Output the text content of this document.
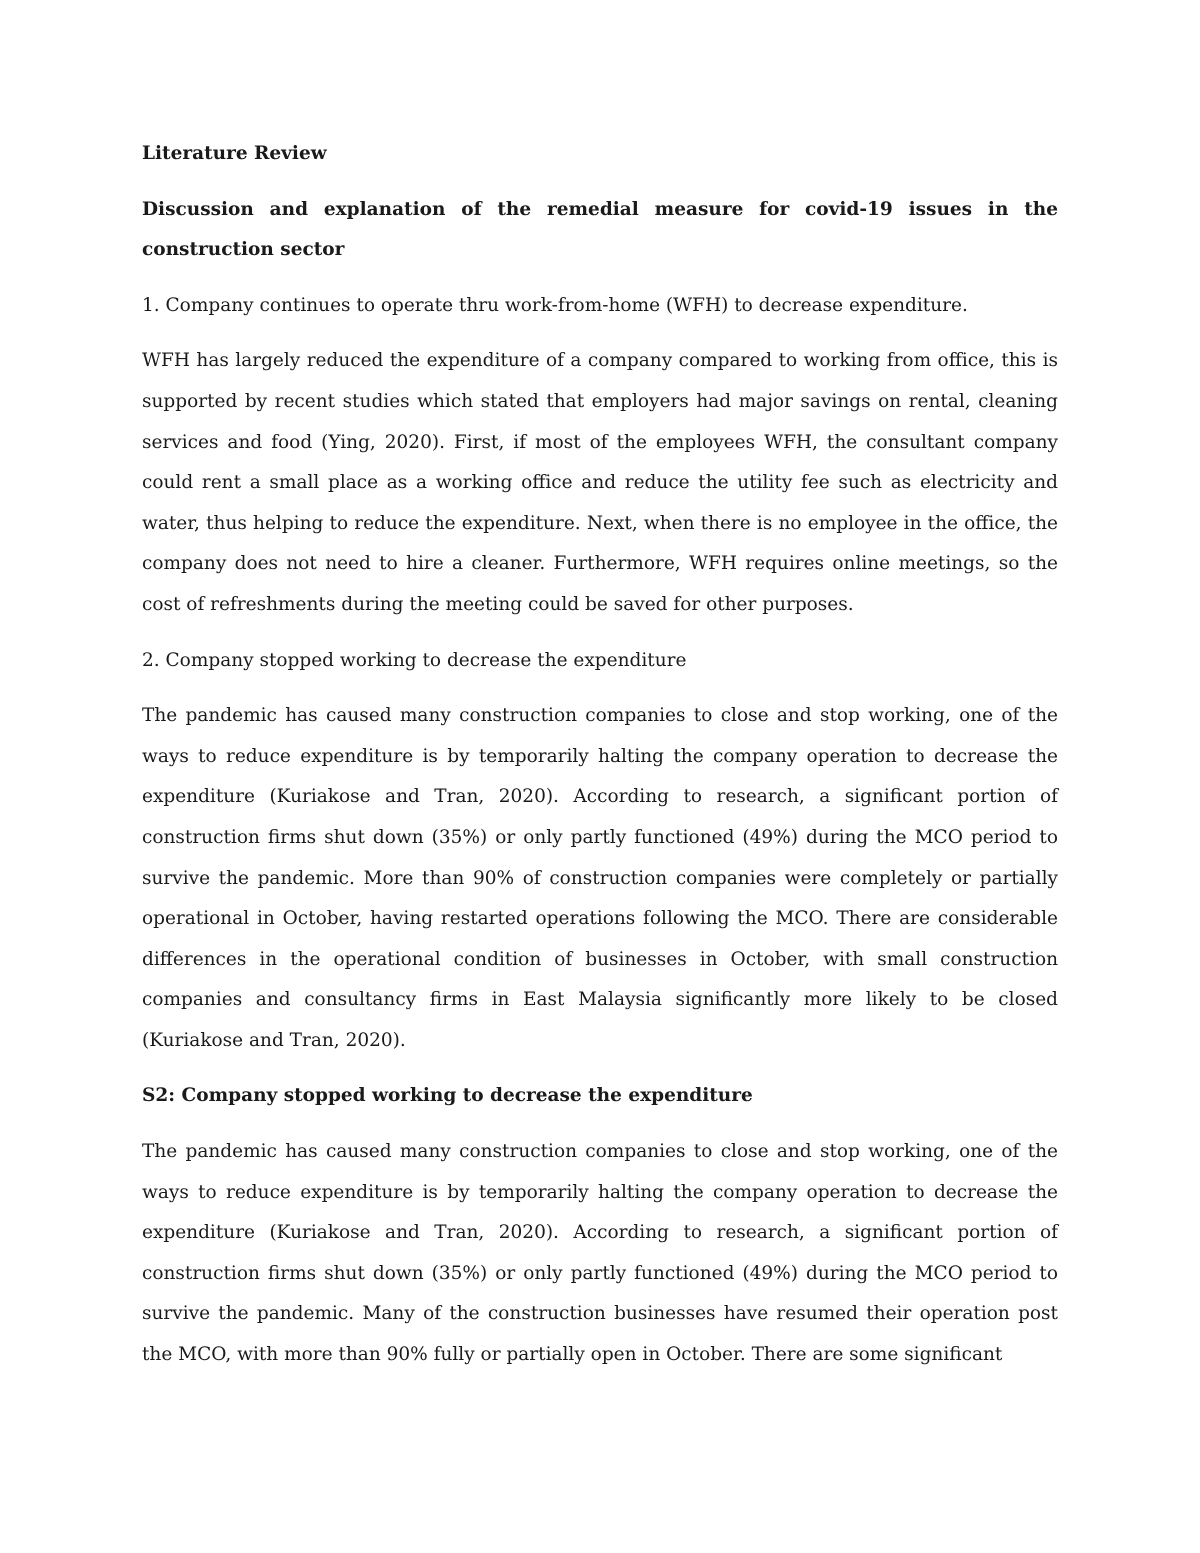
Literature Review
Discussion and explanation of the remedial measure for covid-19 issues in the construction sector
1. Company continues to operate thru work-from-home (WFH) to decrease expenditure.
WFH has largely reduced the expenditure of a company compared to working from office, this is supported by recent studies which stated that employers had major savings on rental, cleaning services and food (Ying, 2020). First, if most of the employees WFH, the consultant company could rent a small place as a working office and reduce the utility fee such as electricity and water, thus helping to reduce the expenditure. Next, when there is no employee in the office, the company does not need to hire a cleaner. Furthermore, WFH requires online meetings, so the cost of refreshments during the meeting could be saved for other purposes.
2. Company stopped working to decrease the expenditure
The pandemic has caused many construction companies to close and stop working, one of the ways to reduce expenditure is by temporarily halting the company operation to decrease the expenditure (Kuriakose and Tran, 2020). According to research, a significant portion of construction firms shut down (35%) or only partly functioned (49%) during the MCO period to survive the pandemic. More than 90% of construction companies were completely or partially operational in October, having restarted operations following the MCO. There are considerable differences in the operational condition of businesses in October, with small construction companies and consultancy firms in East Malaysia significantly more likely to be closed (Kuriakose and Tran, 2020).
S2: Company stopped working to decrease the expenditure
The pandemic has caused many construction companies to close and stop working, one of the ways to reduce expenditure is by temporarily halting the company operation to decrease the expenditure (Kuriakose and Tran, 2020). According to research, a significant portion of construction firms shut down (35%) or only partly functioned (49%) during the MCO period to survive the pandemic. Many of the construction businesses have resumed their operation post the MCO, with more than 90% fully or partially open in October. There are some significant
